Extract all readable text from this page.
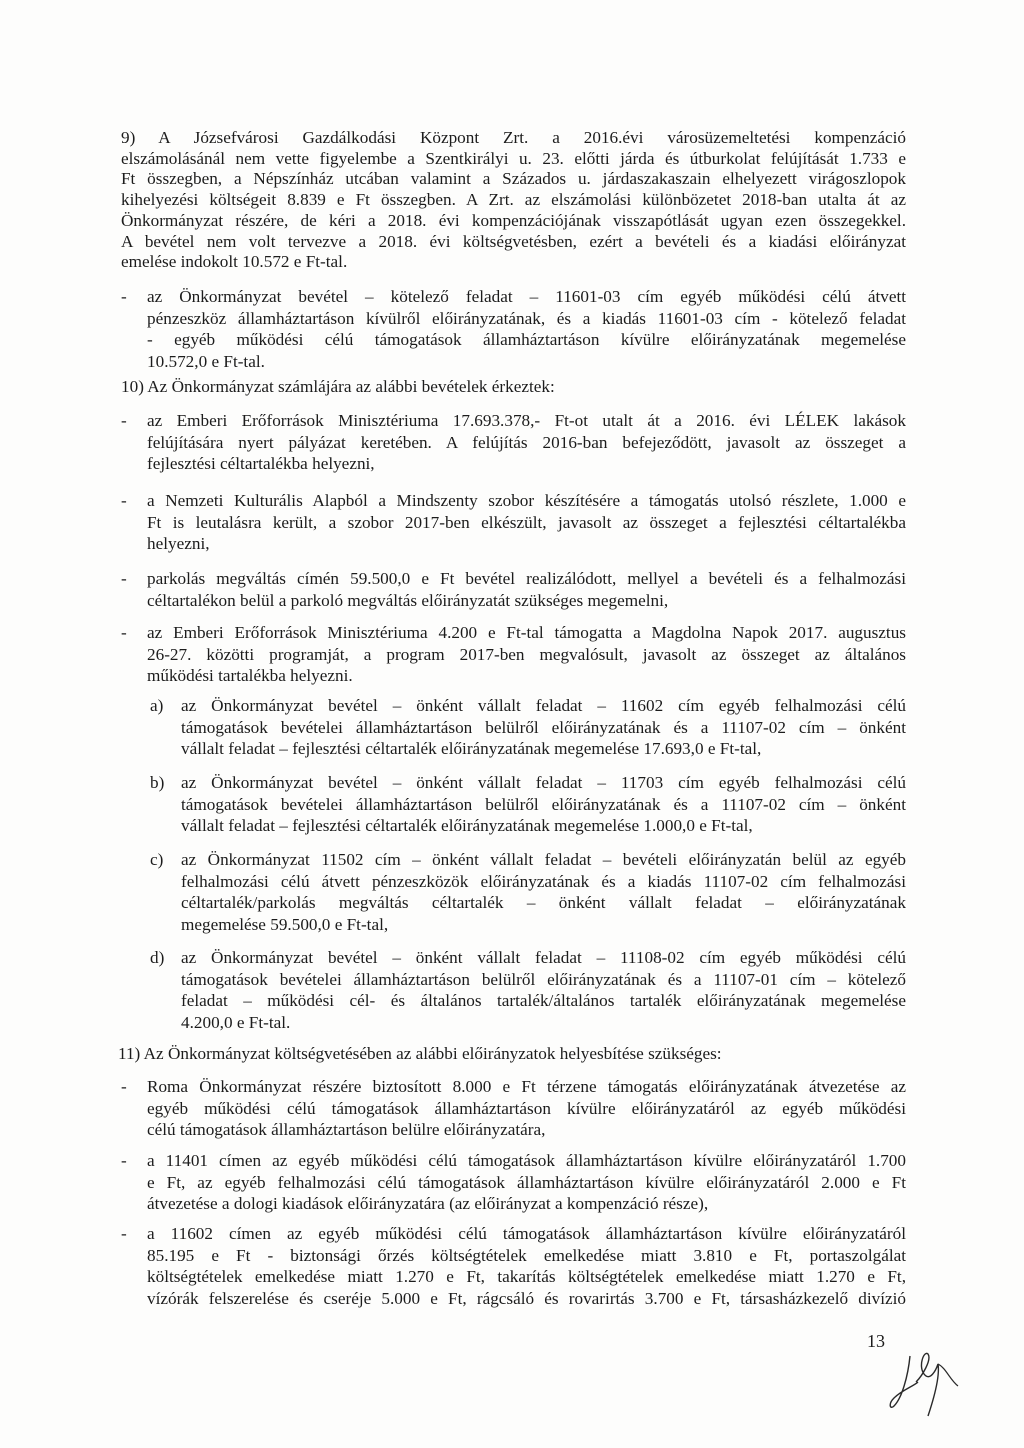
9) A Józsefvárosi Gazdálkodási Központ Zrt. a 2016.évi városüzemeltetési kompenzáció
elszámolásánál nem vette figyelembe a Szentkirályi u. 23. előtti járda és útburkolat felújítását 1.733 e
Ft összegben, a Népszínház utcában valamint a Százados u. járdaszakaszain elhelyezett virágoszlopok
kihelyezési költségeit 8.839 e Ft összegben. A Zrt. az elszámolási különbözetet 2018-ban utalta át az
Önkormányzat részére, de kéri a 2018. évi kompenzációjának visszapótlását ugyan ezen összegekkel.
A bevétel nem volt tervezve a 2018. évi költségvetésben, ezért a bevételi és a kiadási előirányzat
emelése indokolt 10.572 e Ft-tal.
- az Önkormányzat bevétel – kötelező feladat – 11601-03 cím egyéb működési célú átvett
pénzeszköz államháztartáson kívülről előirányzatának, és a kiadás 11601-03 cím - kötelező feladat
- egyéb működési célú támogatások államháztartáson kívülre előirányzatának megemelése
10.572,0 e Ft-tal.
10) Az Önkormányzat számlájára az alábbi bevételek érkeztek:
- az Emberi Erőforrások Minisztériuma 17.693.378,- Ft-ot utalt át a 2016. évi LÉLEK lakások
felújítására nyert pályázat keretében. A felújítás 2016-ban befejeződött, javasolt az összeget a
fejlesztési céltartalékba helyezni,
- a Nemzeti Kulturális Alapból a Mindszenty szobor készítésére a támogatás utolsó részlete, 1.000 e
Ft is leutalásra került, a szobor 2017-ben elkészült, javasolt az összeget a fejlesztési céltartalékba
helyezni,
- parkolás megváltás címén 59.500,0 e Ft bevétel realizálódott, mellyel a bevételi és a felhalmozási
céltartalékon belül a parkoló megváltás előirányzatát szükséges megemelni,
- az Emberi Erőforrások Minisztériuma 4.200 e Ft-tal támogatta a Magdolna Napok 2017. augusztus
26-27. közötti programját, a program 2017-ben megvalósult, javasolt az összeget az általános
működési tartalékba helyezni.
a) az Önkormányzat bevétel – önként vállalt feladat – 11602 cím egyéb felhalmozási célú
támogatások bevételei államháztartáson belülről előirányzatának és a 11107-02 cím – önként
vállalt feladat – fejlesztési céltartalék előirányzatának megemelése 17.693,0 e Ft-tal,
b) az Önkormányzat bevétel – önként vállalt feladat – 11703 cím egyéb felhalmozási célú
támogatások bevételei államháztartáson belülről előirányzatának és a 11107-02 cím – önként
vállalt feladat – fejlesztési céltartalék előirányzatának megemelése 1.000,0 e Ft-tal,
c) az Önkormányzat 11502 cím – önként vállalt feladat – bevételi előirányzatán belül az egyéb
felhalmozási célú átvett pénzeszközök előirányzatának és a kiadás 11107-02 cím felhalmozási
céltartalék/parkolás megváltás céltartalék – önként vállalt feladat – előirányzatának
megemelése 59.500,0 e Ft-tal,
d) az Önkormányzat bevétel – önként vállalt feladat – 11108-02 cím egyéb működési célú
támogatások bevételei államháztartáson belülről előirányzatának és a 11107-01 cím – kötelező
feladat – működési cél- és általános tartalék/általános tartalék előirányzatának megemelése
4.200,0 e Ft-tal.
11) Az Önkormányzat költségvetésében az alábbi előirányzatok helyesbítése szükséges:
- Roma Önkormányzat részére biztosított 8.000 e Ft térzene támogatás előirányzatának átvezetése az
egyéb működési célú támogatások államháztartáson kívülre előirányzatáról az egyéb működési
célú támogatások államháztartáson belülre előirányzatára,
- a 11401 címen az egyéb működési célú támogatások államháztartáson kívülre előirányzatáról 1.700
e Ft, az egyéb felhalmozási célú támogatások államháztartáson kívülre előirányzatáról 2.000 e Ft
átvezetése a dologi kiadások előirányzatára (az előirányzat a kompenzáció része),
- a 11602 címen az egyéb működési célú támogatások államháztartáson kívülre előirányzatáról
85.195 e Ft - biztonsági őrzés költségtételek emelkedése miatt 3.810 e Ft, portaszolgálat
költségtételek emelkedése miatt 1.270 e Ft, takarítás költségtételek emelkedése miatt 1.270 e Ft,
vízórák felszerelése és cseréje 5.000 e Ft, rágcsáló és rovarirtás 3.700 e Ft, társasházkezelő divízió
13
